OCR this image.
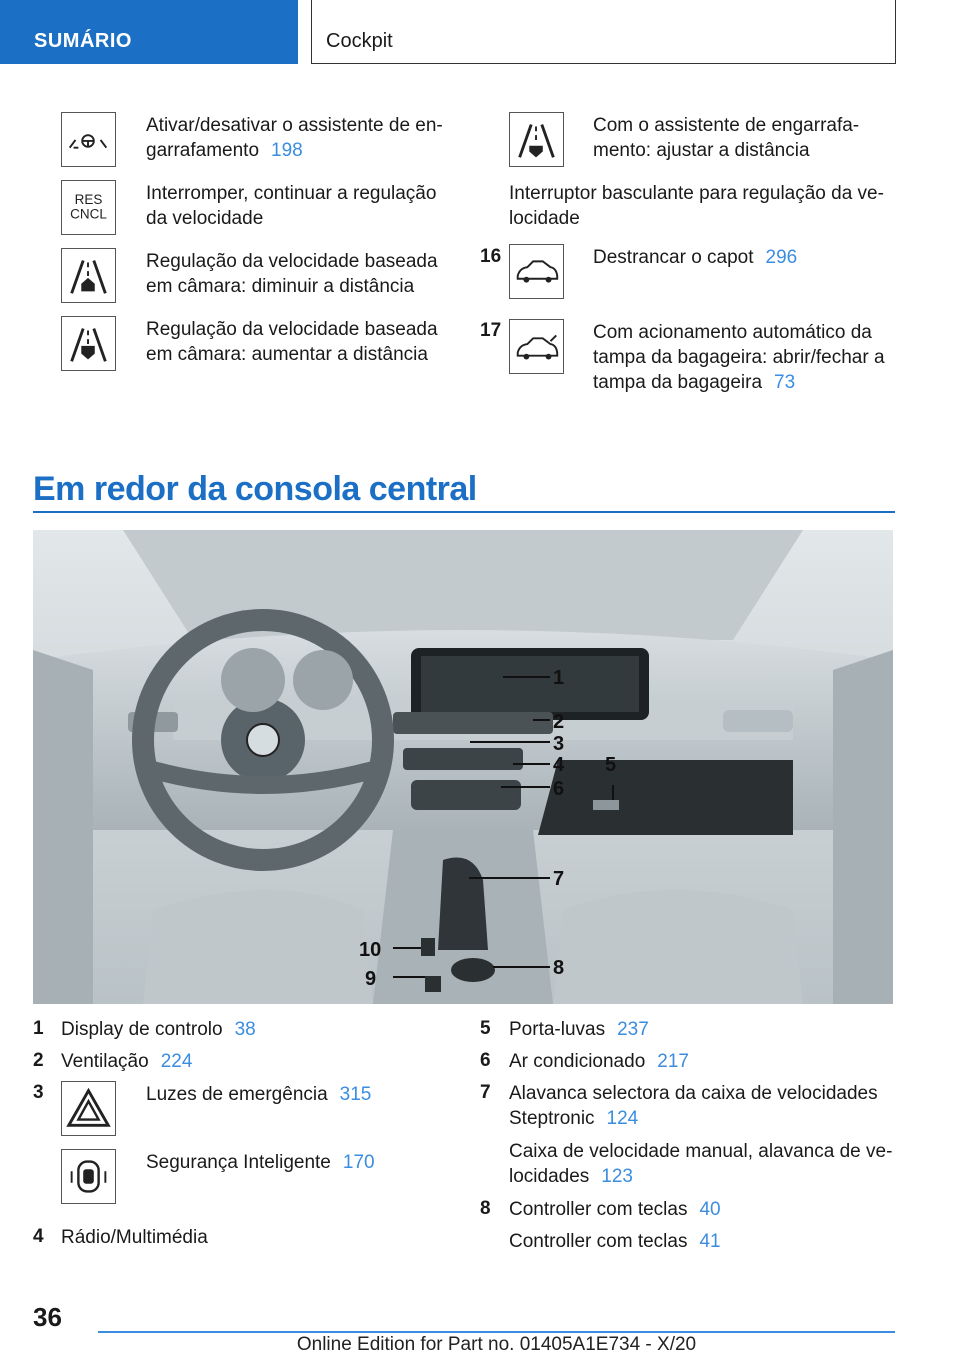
SUMÁRIO	Cockpit
Ativar/desativar o assistente de en-
garrafamento 198
RES
CNCL
Interromper, continuar a regulação
da velocidade
Regulação da velocidade baseada
em câmara: diminuir a distância
Regulação da velocidade baseada
em câmara: aumentar a distância
Com o assistente de engarrafa-
mento: ajustar a distância
Interruptor basculante para regulação da ve-
locidade
16	Destrancar o capot 296
17	Com acionamento automático da
tampa da bagageira: abrir/fechar a
tampa da bagageira 73
Em redor da consola central
1
2
3
4 5
6
7
8
9
10
1 Display de controlo 38
2 Ventilação 224
3	Luzes de emergência 315
Segurança Inteligente 170
4 Rádio/Multimédia
5 Porta-luvas 237
6 Ar condicionado 217
7 Alavanca selectora da caixa de velocidades
Steptronic 124
Caixa de velocidade manual, alavanca de ve-
locidades 123
8 Controller com teclas 40
Controller com teclas 41
36
Online Edition for Part no. 01405A1E734 - X/20
